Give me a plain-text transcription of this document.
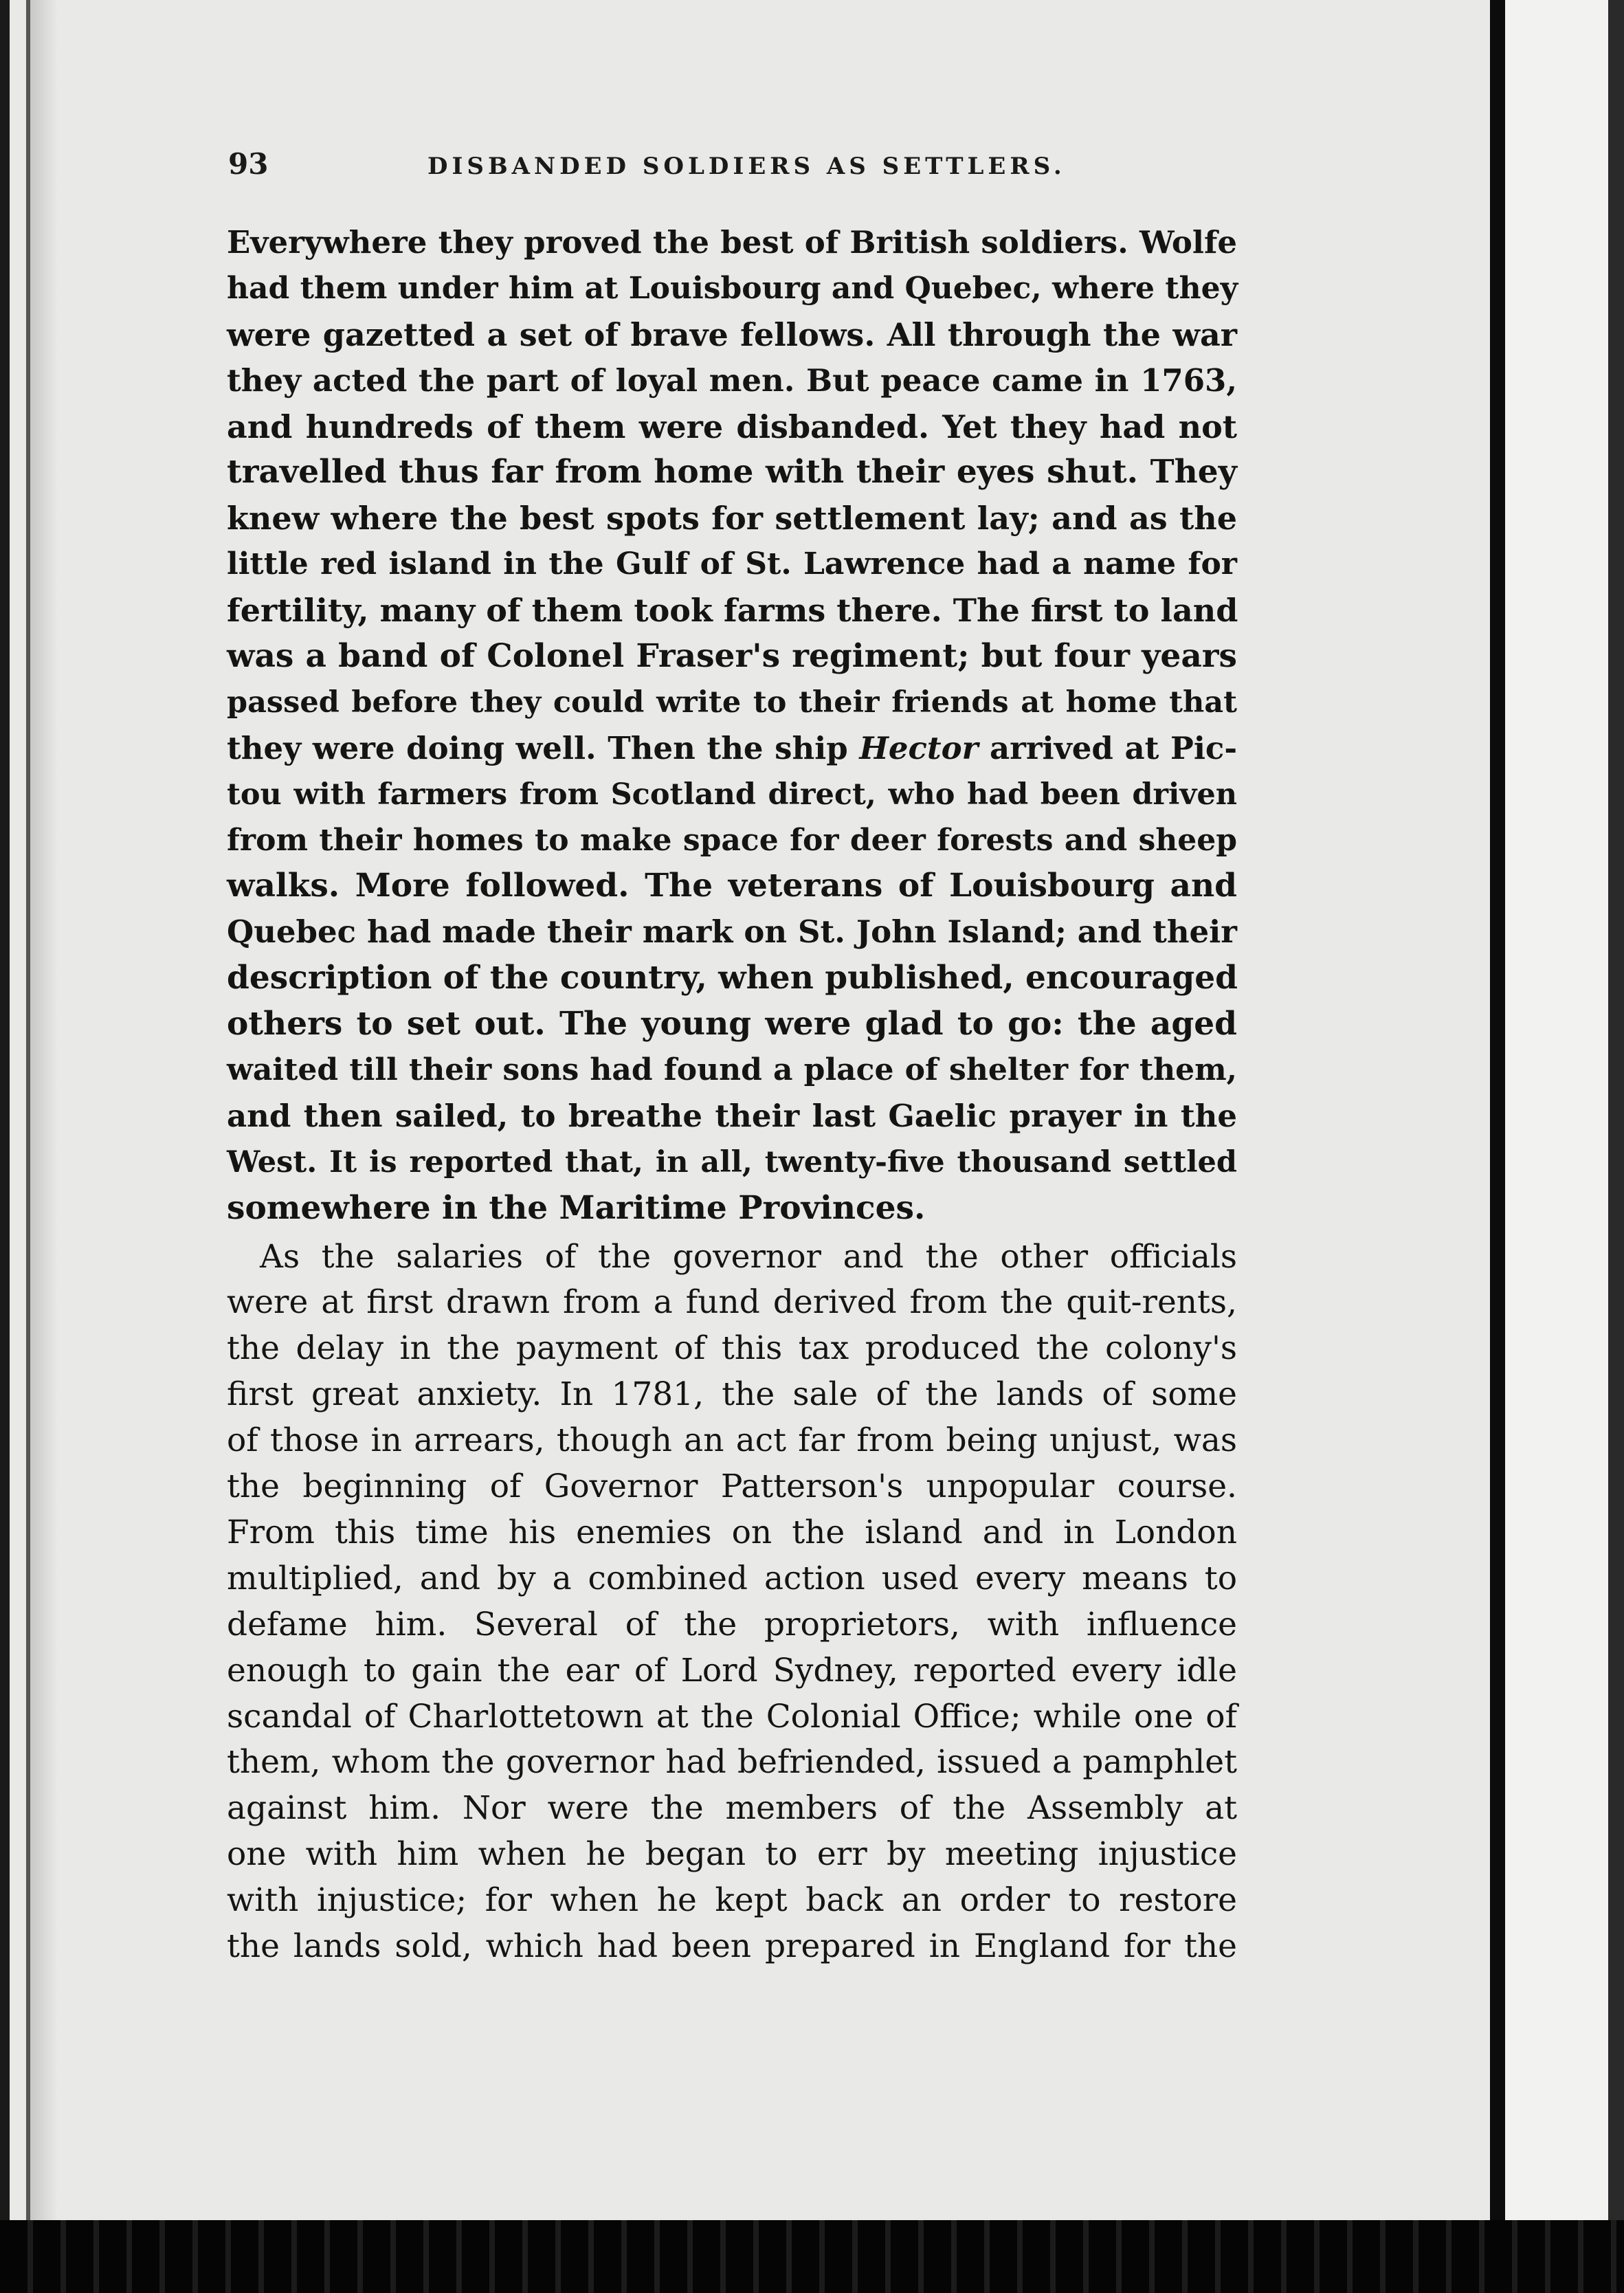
93	DISBANDED SOLDIERS AS SETTLERS.
Everywhere they proved the best of British soldiers. Wolfe
had them under him at Louisbourg and Quebec, where they
were gazetted a set of brave fellows. All through the war
they acted the part of loyal men. But peace came in 1763,
and hundreds of them were disbanded. Yet they had not
travelled thus far from home with their eyes shut. They
knew where the best spots for settlement lay; and as the
little red island in the Gulf of St. Lawrence had a name for
fertility, many of them took farms there. The first to land
was a band of Colonel Fraser's regiment; but four years
passed before they could write to their friends at home that
they were doing well. Then the ship Hector arrived at Pic-
tou with farmers from Scotland direct, who had been driven
from their homes to make space for deer forests and sheep
walks. More followed. The veterans of Louisbourg and
Quebec had made their mark on St. John Island; and their
description of the country, when published, encouraged
others to set out. The young were glad to go: the aged
waited till their sons had found a place of shelter for them,
and then sailed, to breathe their last Gaelic prayer in the
West. It is reported that, in all, twenty-five thousand settled
somewhere in the Maritime Provinces.
As the salaries of the governor and the other officials
were at first drawn from a fund derived from the quit-rents,
the delay in the payment of this tax produced the colony's
first great anxiety. In 1781, the sale of the lands of some
of those in arrears, though an act far from being unjust, was
the beginning of Governor Patterson's unpopular course.
From this time his enemies on the island and in London
multiplied, and by a combined action used every means to
defame him. Several of the proprietors, with influence
enough to gain the ear of Lord Sydney, reported every idle
scandal of Charlottetown at the Colonial Office; while one of
them, whom the governor had befriended, issued a pamphlet
against him. Nor were the members of the Assembly at
one with him when he began to err by meeting injustice
with injustice; for when he kept back an order to restore
the lands sold, which had been prepared in England for the
